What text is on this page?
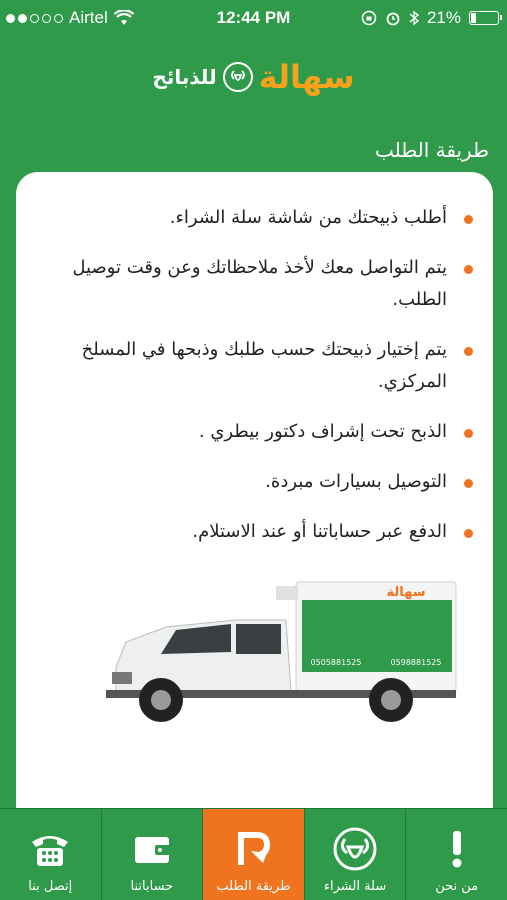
Airtel	12:44 PM	21%
سهالة
للذبائح
طريقة الطلب
أطلب ذبيحتك من شاشة سلة الشراء.
يتم التواصل معك لأخذ ملاحظاتك وعن وقت توصيل الطلب.
يتم إختيار ذبيحتك حسب طلبك وذبحها في المسلخ المركزي.
الذبح تحت إشراف دكتور بيطري .
التوصيل بسيارات مبردة.
الدفع عبر حساباتنا أو عند الاستلام.
سهالة
0505881525	0598881525
إتصل بنا	حساباتنا	طريقة الطلب	سلة الشراء	من نحن
